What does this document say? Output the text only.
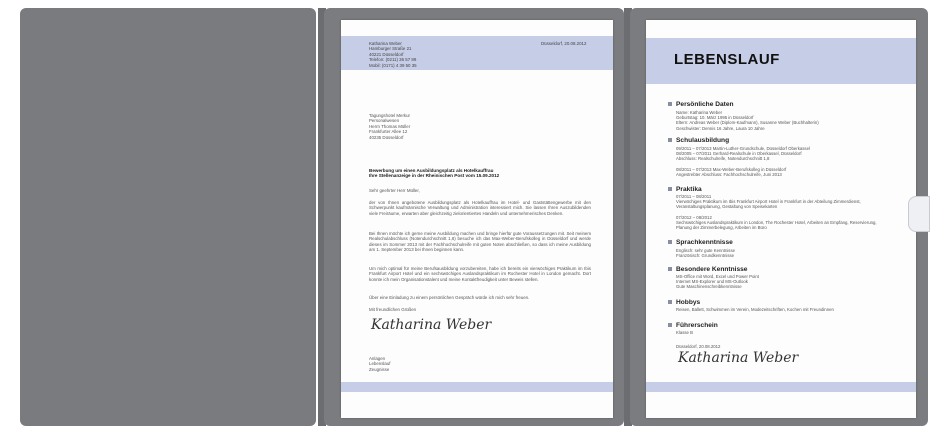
Katharina Weber
Hamburger Straße 21
40221 Düsseldorf
Telefon: (0211) 36 57 89
Mobil: (0171) 4 39 50 35
Düsseldorf, 20.08.2012
Tagungshotel Merkur
Personalwesen
Herrn Thomas Müller
Frankfurter Allee 12
40235 Düsseldorf
Bewerbung um einen Ausbildungsplatz als Hotelkauffrau
Ihre Stellenanzeige in der Rheinischen Post vom 15.09.2012
Sehr geehrter Herr Müller,
der von Ihnen angebotene Ausbildungsplatz als Hotelkauffrau im Hotel- und Gaststättengewerbe mit den Schwerpunkt kaufmännische Verwaltung und Administration interessiert mich. Sie lassen Ihren Auszubildenden viele Freiräume, erwarten aber gleichzeitig zielorientiertes Handeln und unternehmerisches Denken.
Bei Ihnen möchte ich gerne meine Ausbildung machen und bringe hierfür gute Voraussetzungen mit. Seit meinem Realschulabschluss (Notendurchschnitt 1,8) besuche ich das Max-Weber-Berufskolleg in Düsseldorf und werde dieses im Sommer 2013 mit der Fachhochschulreife mit guten Noten abschließen, so dass ich meine Ausbildung am 1. September 2013 bei Ihnen beginnen kann.
Um mich optimal für meine Berufsausbildung vorzubereiten, habe ich bereits ein vierwöchiges Praktikum im Ibis Frankfurt Airport Hotel und ein sechswöchiges Auslandspraktikum im Rochester Hotel in London gemacht. Dort konnte ich mein Organisationstalent und meine Kontaktfreudigkeit unter Beweis stellen.
Über eine Einladung zu einem persönlichen Gespräch würde ich mich sehr freuen.
Mit freundlichen Grüßen
Katharina Weber
Anlagen
Lebenslauf
Zeugnisse
LEBENSLAUF
Persönliche Daten
Name: Katharina Weber
Geburtstag: 10. März 1995 in Düsseldorf
Eltern: Andreas Weber (Diplom-Kaufmann), Susanne Weber (Buchhalterin)
Geschwister: Dennis 16 Jahre, Laura 10 Jahre
Schulausbildung
09/2011 – 07/2013 Martin-Luther-Grundschule, Düsseldorf Oberkassel
08/2005 – 07/2011 Gerhard-Realschule in Oberkassel, Düsseldorf
Abschluss: Realschulreife, Notendurchschnitt 1,8

08/2011 – 07/2013 Max-Weber-Berufskolleg in Düsseldorf
Angestrebter Abschluss: Fachhochschulreife, Juni 2013
Praktika
07/2011 – 08/2011
Vierwöchiges Praktikum im Ibis Frankfurt Airport Hotel in Frankfurt in der Abteilung Zimmerdienst, Veranstaltungsplanung, Gestaltung von Speisekarten

07/2012 – 08/2012
Sechswöchiges Auslandspraktikum in London, The Rochester Hotel, Arbeiten an Empfang, Reservierung, Planung der Zimmerbelegung, Arbeiten im Büro
Sprachkenntnisse
Englisch: sehr gute Kenntnisse
Französisch: Grundkenntnisse
Besondere Kenntnisse
MS-Office mit Word, Excel und Power Point
Internet MS-Explorer und MS-Outlook
Gute Maschinenschreibkenntnisse
Hobbys
Reisen, Ballett, Schwimmen im Verein, Modezeitschriften, Kochen mit Freundinnen
Führerschein
Klasse B
Düsseldorf, 20.08.2012
Katharina Weber
